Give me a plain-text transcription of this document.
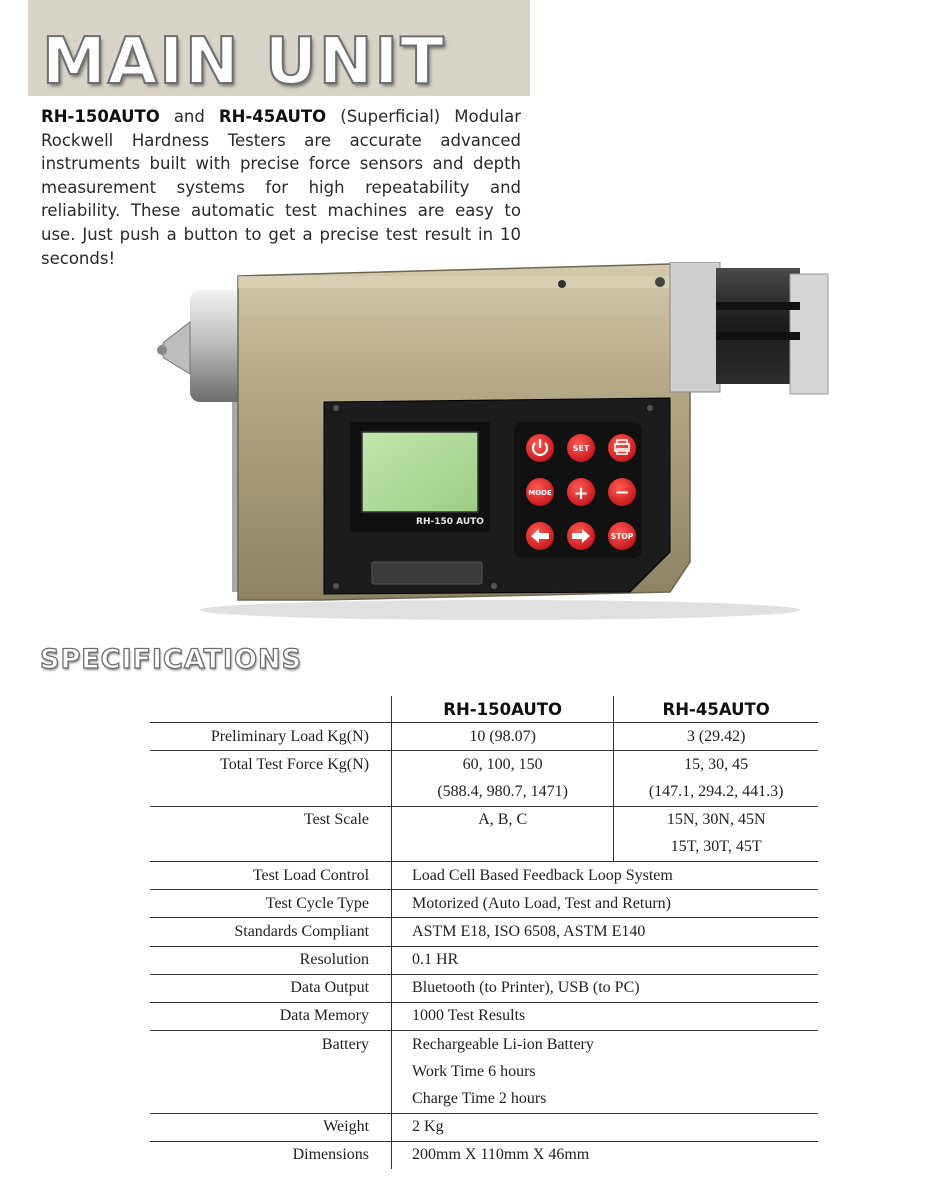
MAIN UNIT

RH-150AUTO and RH-45AUTO (Superficial) Modular Rockwell Hardness Testers are accurate advanced instruments built with precise force sensors and depth measurement systems for high repeatability and reliability. These automatic test machines are easy to use. Just push a button to get a precise test result in 10 seconds!

RH-150 AUTO
SET
MODE + −
STOP
SPECIFICATIONS
	RH-150AUTO	RH-45AUTO
Preliminary Load Kg(N)	10 (98.07)	3 (29.42)
Total Test Force Kg(N)	60, 100, 150	15, 30, 45
	(588.4, 980.7, 1471)	(147.1, 294.2, 441.3)
Test Scale	A, B, C	15N, 30N, 45N
		15T, 30T, 45T
Test Load Control	Load Cell Based Feedback Loop System	
Test Cycle Type	Motorized (Auto Load, Test and Return)	
Standards Compliant	ASTM E18, ISO 6508, ASTM E140	
Resolution	0.1 HR	
Data Output	Bluetooth (to Printer), USB (to PC)	
Data Memory	1000 Test Results	
Battery	Rechargeable Li-ion Battery	
	Work Time 6 hours	
	Charge Time 2 hours	
Weight	2 Kg	
Dimensions	200mm X 110mm X 46mm	
